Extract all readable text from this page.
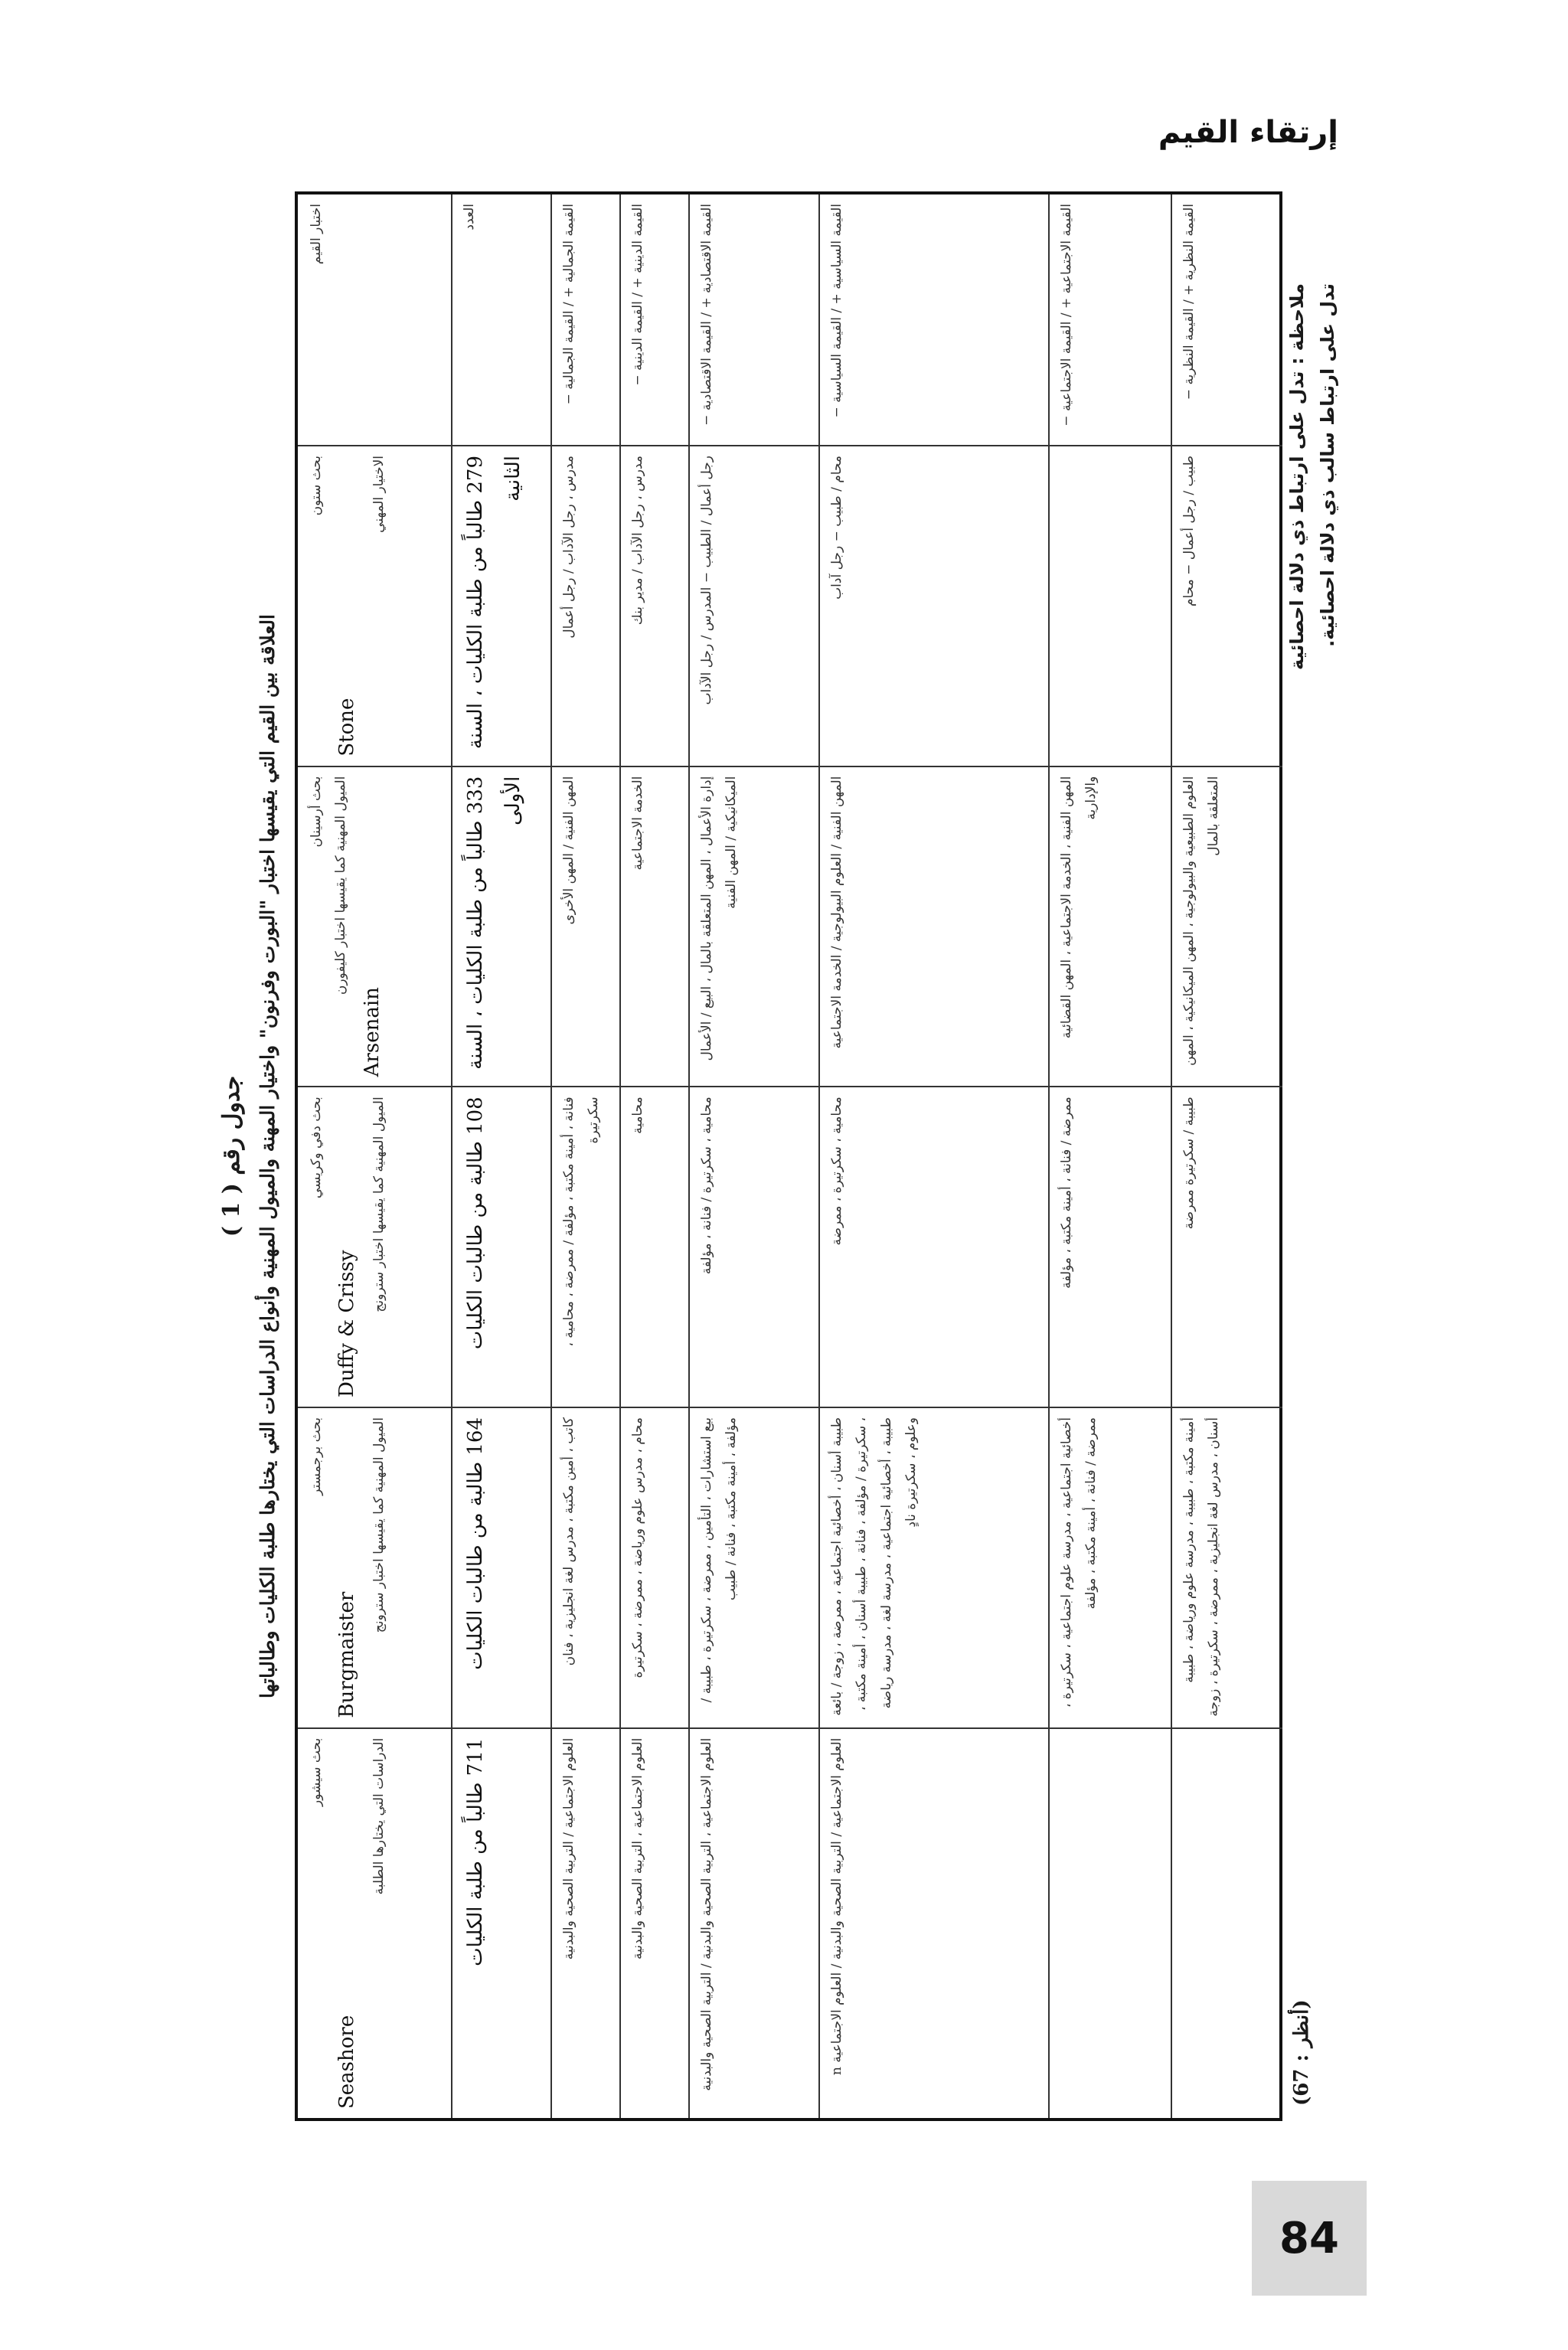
إرتقاء القيم
جدول رقم ( 1 ) العلاقة بين القيم التي يقيسها اختبار "البورت وفرنون" واختيار المهنة والميول المهنية وأنواع الدراسات التي يختارها طلبة الكليات وطالباتها
اختبار القيم
بحث ستون
Stone
الاختيار المهني
بحث أرسينان الميول المهنية كما يقيسها اختبار كليفورن
Arsenain
بحث دفي وكريسي
Duffy & Crissy
الميول المهنية كما يقيسها اختبار سترونج
بحث برجمستر
Burgmaister
الميول المهنية كما يقيسها اختبار سترونج
بحث سيشور
Seashore
الدراسات التي يختارها الطلبة
العدد
279 طالباً من طلبة الكليات ، السنة الثانية
333 طالباً من طلبة الكليات ، السنة الأولى
108 طالبة من طالبات الكليات
164 طالبة من طالبات الكليات
711 طالباً من طلبة الكليات
القيمة الجمالية + / القيمة الجمالية −
مدرس ، رجل الآداب / رجل أعمال
المهن الفنية / المهن الأخرى
فنانة ، أمينة مكتبة ، مؤلفة / ممرضة ، محامية ، سكرتيرة
كاتب ، أمين مكتبة ، مدرس لغة انجليزية ، فنان
العلوم الاجتماعية / التربية الصحية والبدنية
القيمة الدينية + / القيمة الدينية −
مدرس ، رجل الآداب / مدير بنك
الخدمة الاجتماعية
محامية
محام ، مدرس علوم ورياضة ، ممرضة ، سكرتيرة
العلوم الاجتماعية ، التربية الصحية والبدنية
القيمة الاقتصادية + / القيمة الاقتصادية −
رجل أعمال / الطبيب − المدرس / رجل الآداب
إدارة الأعمال ، المهن المتعلقة بالمال ، البيع / الأعمال الميكانيكية / المهن الفنية
محامية ، سكرتيرة / فنانة ، مؤلفة
بيع استشارات ، التأمين ، ممرضة ، سكرتيرة ، طبيبة / مؤلفة ، أمينة مكتبة ، فنانة / طبيب
العلوم الاجتماعية ، التربية الصحية والبدنية / التربية الصحية والبدنية
القيمة السياسية + / القيمة السياسية −
محام / طبيب − رجل آداب
المهن الفنية / العلوم البيولوجية / الخدمة الاجتماعية
محامية ، سكرتيرة ، ممرضة
طبيبة أسنان ، أخصائية اجتماعية ، ممرضة ، زوجة / بائعة ، سكرتيرة / مؤلفة ، فنانة ، طبيبة أسنان ، أمينة مكتبة ، طبيبة ، أخصائية اجتماعية ، مدرسة لغة ، مدرسة رياضة وعلوم ، سكرتيرة نادٍ
العلوم الاجتماعية / التربية الصحية والبدنية / العلوم الاجتماعية n
القيمة الاجتماعية + / القيمة الاجتماعية −
المهن الفنية ، الخدمة الاجتماعية ، المهن القضائية والإدارية
ممرضة / فنانة ، أمينة مكتبة ، مؤلفة
أخصائية اجتماعية ، مدرسة علوم اجتماعية ، سكرتيرة ، ممرضة / فنانة ، أمينة مكتبة ، مؤلفة
القيمة النظرية + / القيمة النظرية −
طبيب / رجل أعمال − محام
العلوم الطبيعية والبيولوجية ، المهن الميكانيكية ، المهن المتعلقة بالمال
طبيبة / سكرتيرة ممرضة
أمينة مكتبة ، طبيبة ، مدرسة علوم ورياضة ، طبيبة أسنان ، مدرس لغة انجليزية ، ممرضة ، سكرتيرة ، زوجة
ملاحظة : تدل على ارتباط ذي دلالة احصائية تدل على ارتباط سالب ذي دلالة احصائية.
(أنظر : 67)
84
